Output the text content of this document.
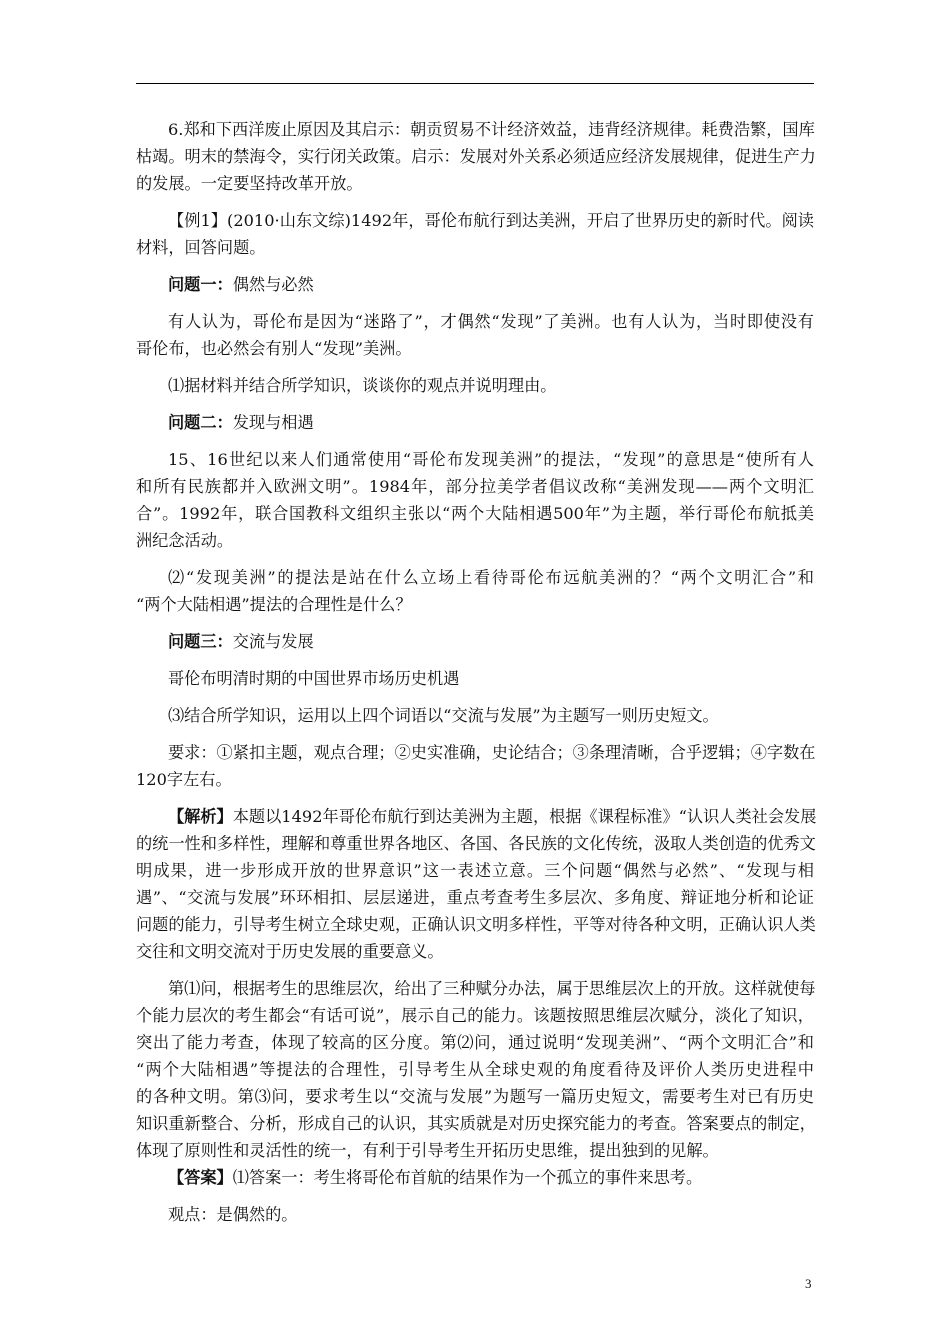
6.郑和下西洋废止原因及其启示：朝贡贸易不计经济效益，违背经济规律。耗费浩繁，国库
枯竭。明末的禁海令，实行闭关政策。启示：发展对外关系必须适应经济发展规律，促进生产力
的发展。一定要坚持改革开放。
【例1】(2010·山东文综)1492年，哥伦布航行到达美洲，开启了世界历史的新时代。阅读
材料，回答问题。
问题一：偶然与必然
有人认为，哥伦布是因为“迷路了”，才偶然“发现”了美洲。也有人认为，当时即使没有
哥伦布，也必然会有别人“发现”美洲。
⑴据材料并结合所学知识，谈谈你的观点并说明理由。
问题二：发现与相遇
15、16世纪以来人们通常使用“哥伦布发现美洲”的提法，“发现”的意思是“使所有人
和所有民族都并入欧洲文明”。1984年，部分拉美学者倡议改称“美洲发现——两个文明汇
合”。1992年，联合国教科文组织主张以“两个大陆相遇500年”为主题，举行哥伦布航抵美
洲纪念活动。
⑵“发现美洲”的提法是站在什么立场上看待哥伦布远航美洲的？“两个文明汇合”和
“两个大陆相遇”提法的合理性是什么？
问题三：交流与发展
哥伦布明清时期的中国世界市场历史机遇
⑶结合所学知识，运用以上四个词语以“交流与发展”为主题写一则历史短文。
要求：①紧扣主题，观点合理；②史实准确，史论结合；③条理清晰，合乎逻辑；④字数在
120字左右。
【解析】本题以1492年哥伦布航行到达美洲为主题，根据《课程标准》“认识人类社会发展
的统一性和多样性，理解和尊重世界各地区、各国、各民族的文化传统，汲取人类创造的优秀文
明成果，进一步形成开放的世界意识”这一表述立意。三个问题“偶然与必然”、“发现与相
遇”、“交流与发展”环环相扣、层层递进，重点考查考生多层次、多角度、辩证地分析和论证
问题的能力，引导考生树立全球史观，正确认识文明多样性，平等对待各种文明，正确认识人类
交往和文明交流对于历史发展的重要意义。
第⑴问，根据考生的思维层次，给出了三种赋分办法，属于思维层次上的开放。这样就使每
个能力层次的考生都会“有话可说”，展示自己的能力。该题按照思维层次赋分，淡化了知识，
突出了能力考查，体现了较高的区分度。第⑵问，通过说明“发现美洲”、“两个文明汇合”和
“两个大陆相遇”等提法的合理性，引导考生从全球史观的角度看待及评价人类历史进程中
的各种文明。第⑶问，要求考生以“交流与发展”为题写一篇历史短文，需要考生对已有历史
知识重新整合、分析，形成自己的认识，其实质就是对历史探究能力的考查。答案要点的制定，
体现了原则性和灵活性的统一，有利于引导考生开拓历史思维，提出独到的见解。
【答案】⑴答案一：考生将哥伦布首航的结果作为一个孤立的事件来思考。
观点：是偶然的。
3
